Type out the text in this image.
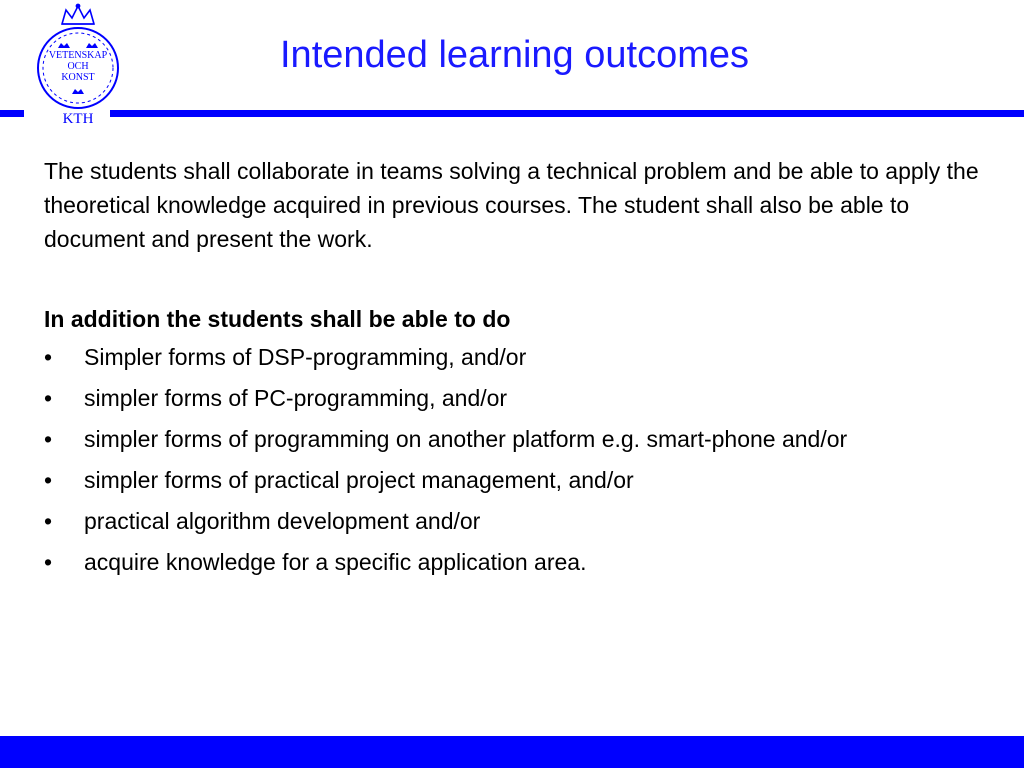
VETENSKAP
OCH
KONST
KTH
Intended learning outcomes

The students shall collaborate in teams solving a technical problem and be able to apply the theoretical knowledge acquired in previous courses. The student shall also be able to document and present the work.

In addition the students shall be able to do

• Simpler forms of DSP-programming, and/or
• simpler forms of PC-programming, and/or
• simpler forms of programming on another platform e.g. smart-phone and/or
• simpler forms of practical project management, and/or
• practical algorithm development and/or
• acquire knowledge for a specific application area.
